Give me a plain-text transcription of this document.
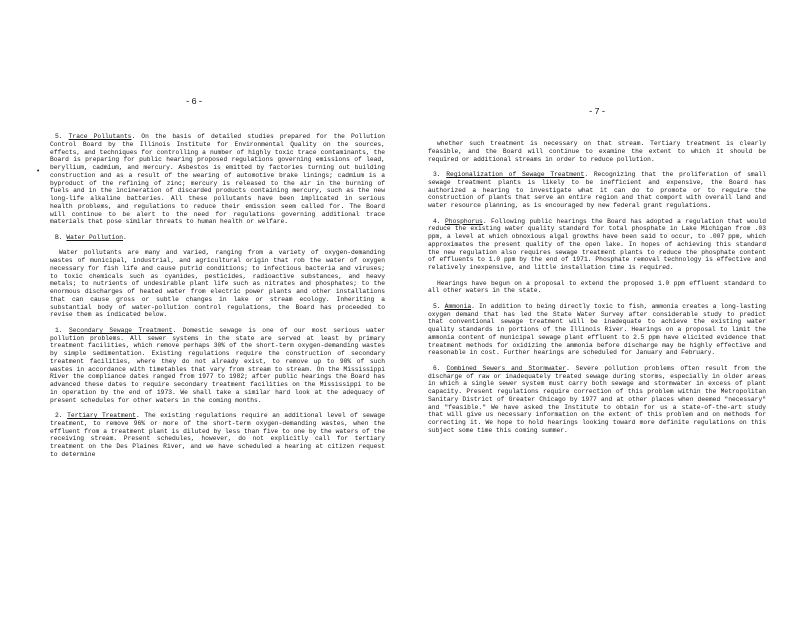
-6-
-7-
•

5. Trace Pollutants. On the basis of detailed studies prepared for the Pollution Control Board by the Illinois Institute for Environmental Quality on the sources, effects, and techniques for controlling a number of highly toxic trace contaminants, the Board is preparing for public hearing proposed regulations governing emissions of lead, beryllium, cadmium, and mercury. Asbestos is emitted by factories turning out building construction and as a result of the wearing of automotive brake linings; cadmium is a byproduct of the refining of zinc; mercury is released to the air in the burning of fuels and in the incineration of discarded products containing mercury, such as the new long-life alkaline batteries. All these pollutants have been implicated in serious health problems, and regulations to reduce their emission seem called for. The Board will continue to be alert to the need for regulations governing additional trace materials that pose similar threats to human health or welfare.

B. Water Pollution.

Water pollutants are many and varied, ranging from a variety of oxygen-demanding wastes of municipal, industrial, and agricultural origin that rob the water of oxygen necessary for fish life and cause putrid conditions; to infectious bacteria and viruses; to toxic chemicals such as cyanides, pesticides, radioactive substances, and heavy metals; to nutrients of undesirable plant life such as nitrates and phosphates; to the enormous discharges of heated water from electric power plants and other installations that can cause gross or subtle changes in lake or stream ecology. Inheriting a substantial body of water-pollution control regulations, the Board has proceeded to revise them as indicated below.

1. Secondary Sewage Treatment. Domestic sewage is one of our most serious water pollution problems. All sewer systems in the state are served at least by primary treatment facilities, which remove perhaps 30% of the short-term oxygen-demanding wastes by simple sedimentation. Existing regulations require the construction of secondary treatment facilities, where they do not already exist, to remove up to 90% of such wastes in accordance with timetables that vary from stream to stream. On the Mississippi River the compliance dates ranged from 1977 to 1982; after public hearings the Board has advanced these dates to require secondary treatment facilities on the Mississippi to be in operation by the end of 1973. We shall take a similar hard look at the adequacy of present schedules for other waters in the coming months.

2. Tertiary Treatment. The existing regulations require an additional level of sewage treatment, to remove 96% or more of the short-term oxygen-demanding wastes, when the effluent from a treatment plant is diluted by less than five to one by the waters of the receiving stream. Present schedules, however, do not explicitly call for tertiary treatment on the Des Plaines River, and we have scheduled a hearing at citizen request to determine

whether such treatment is necessary on that stream. Tertiary treatment is clearly feasible, and the Board will continue to examine the extent to which it should be required or additional streams in order to reduce pollution.

3. Regionalization of Sewage Treatment. Recognizing that the proliferation of small sewage treatment plants is likely to be inefficient and expensive, the Board has authorized a hearing to investigate what it can do to promote or to require the construction of plants that serve an entire region and that comport with overall land and water resource planning, as is encouraged by new federal grant regulations.

4. Phosphorus. Following public hearings the Board has adopted a regulation that would reduce the existing water quality standard for total phosphate in Lake Michigan from .03 ppm, a level at which obnoxious algal growths have been said to occur, to .007 ppm, which approximates the present quality of the open lake. In hopes of achieving this standard the new regulation also requires sewage treatment plants to reduce the phosphate content of effluents to 1.0 ppm by the end of 1971. Phosphate removal technology is effective and relatively inexpensive, and little installation time is required.

Hearings have begun on a proposal to extend the proposed 1.0 ppm effluent standard to all other waters in the state.

5. Ammonia. In addition to being directly toxic to fish, ammonia creates a long-lasting oxygen demand that has led the State Water Survey after considerable study to predict that conventional sewage treatment will be inadequate to achieve the existing water quality standards in portions of the Illinois River. Hearings on a proposal to limit the ammonia content of municipal sewage plant effluent to 2.5 ppm have elicited evidence that treatment methods for oxidizing the ammonia before discharge may be highly effective and reasonable in cost. Further hearings are scheduled for January and February.

6. Combined Sewers and Stormwater. Severe pollution problems often result from the discharge of raw or inadequately treated sewage during storms, especially in older areas in which a single sewer system must carry both sewage and stormwater in excess of plant capacity. Present regulations require correction of this problem within the Metropolitan Sanitary District of Greater Chicago by 1977 and at other places when deemed "necessary" and "feasible." We have asked the Institute to obtain for us a state-of-the-art study that will give us necessary information on the extent of this problem and on methods for correcting it. We hope to hold hearings looking toward more definite regulations on this subject some time this coming summer.
